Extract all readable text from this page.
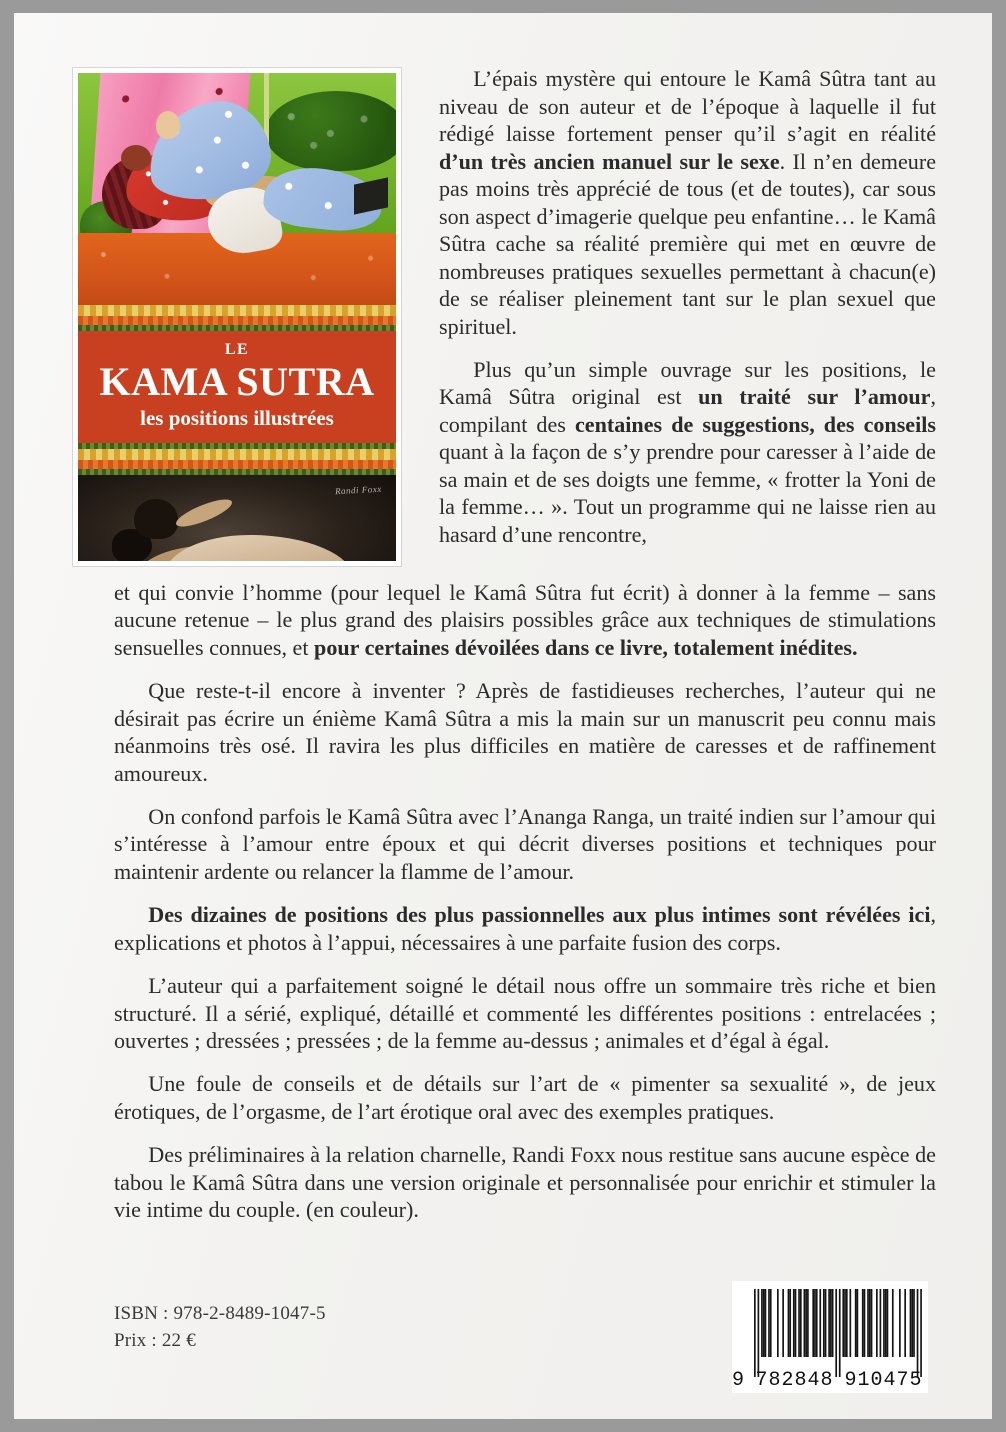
LE
KAMA SUTRA
les positions illustrées
Randi Foxx

L’épais mystère qui entoure le Kamâ Sûtra tant au niveau de son auteur et de l’époque à laquelle il fut rédigé laisse fortement penser qu’il s’agit en réalité d’un très ancien manuel sur le sexe. Il n’en demeure pas moins très apprécié de tous (et de toutes), car sous son aspect d’imagerie quelque peu enfantine… le Kamâ Sûtra cache sa réalité première qui met en œuvre de nombreuses pratiques sexuelles permettant à chacun(e) de se réaliser pleinement tant sur le plan sexuel que spirituel.

Plus qu’un simple ouvrage sur les positions, le Kamâ Sûtra original est un traité sur l’amour, compilant des centaines de suggestions, des conseils quant à la façon de s’y prendre pour caresser à l’aide de sa main et de ses doigts une femme, « frotter la Yoni de la femme… ». Tout un programme qui ne laisse rien au hasard d’une rencontre,

et qui convie l’homme (pour lequel le Kamâ Sûtra fut écrit) à donner à la femme – sans aucune retenue – le plus grand des plaisirs possibles grâce aux techniques de stimulations sensuelles connues, et pour certaines dévoilées dans ce livre, totalement inédites.

Que reste-t-il encore à inventer ? Après de fastidieuses recherches, l’auteur qui ne désirait pas écrire un énième Kamâ Sûtra a mis la main sur un manuscrit peu connu mais néanmoins très osé. Il ravira les plus difficiles en matière de caresses et de raffinement amoureux.

On confond parfois le Kamâ Sûtra avec l’Ananga Ranga, un traité indien sur l’amour qui s’intéresse à l’amour entre époux et qui décrit diverses positions et techniques pour maintenir ardente ou relancer la flamme de l’amour.

Des dizaines de positions des plus passionnelles aux plus intimes sont révélées ici, explications et photos à l’appui, nécessaires à une parfaite fusion des corps.

L’auteur qui a parfaitement soigné le détail nous offre un sommaire très riche et bien structuré. Il a sérié, expliqué, détaillé et commenté les différentes positions : entrelacées ; ouvertes ; dressées ; pressées ; de la femme au-dessus ; animales et d’égal à égal.

Une foule de conseils et de détails sur l’art de « pimenter sa sexualité », de jeux érotiques, de l’orgasme, de l’art érotique oral avec des exemples pratiques.

Des préliminaires à la relation charnelle, Randi Foxx nous restitue sans aucune espèce de tabou le Kamâ Sûtra dans une version originale et personnalisée pour enrichir et stimuler la vie intime du couple. (en couleur).

ISBN : 978-2-8489-1047-5
Prix : 22 €
9 782848 910475
